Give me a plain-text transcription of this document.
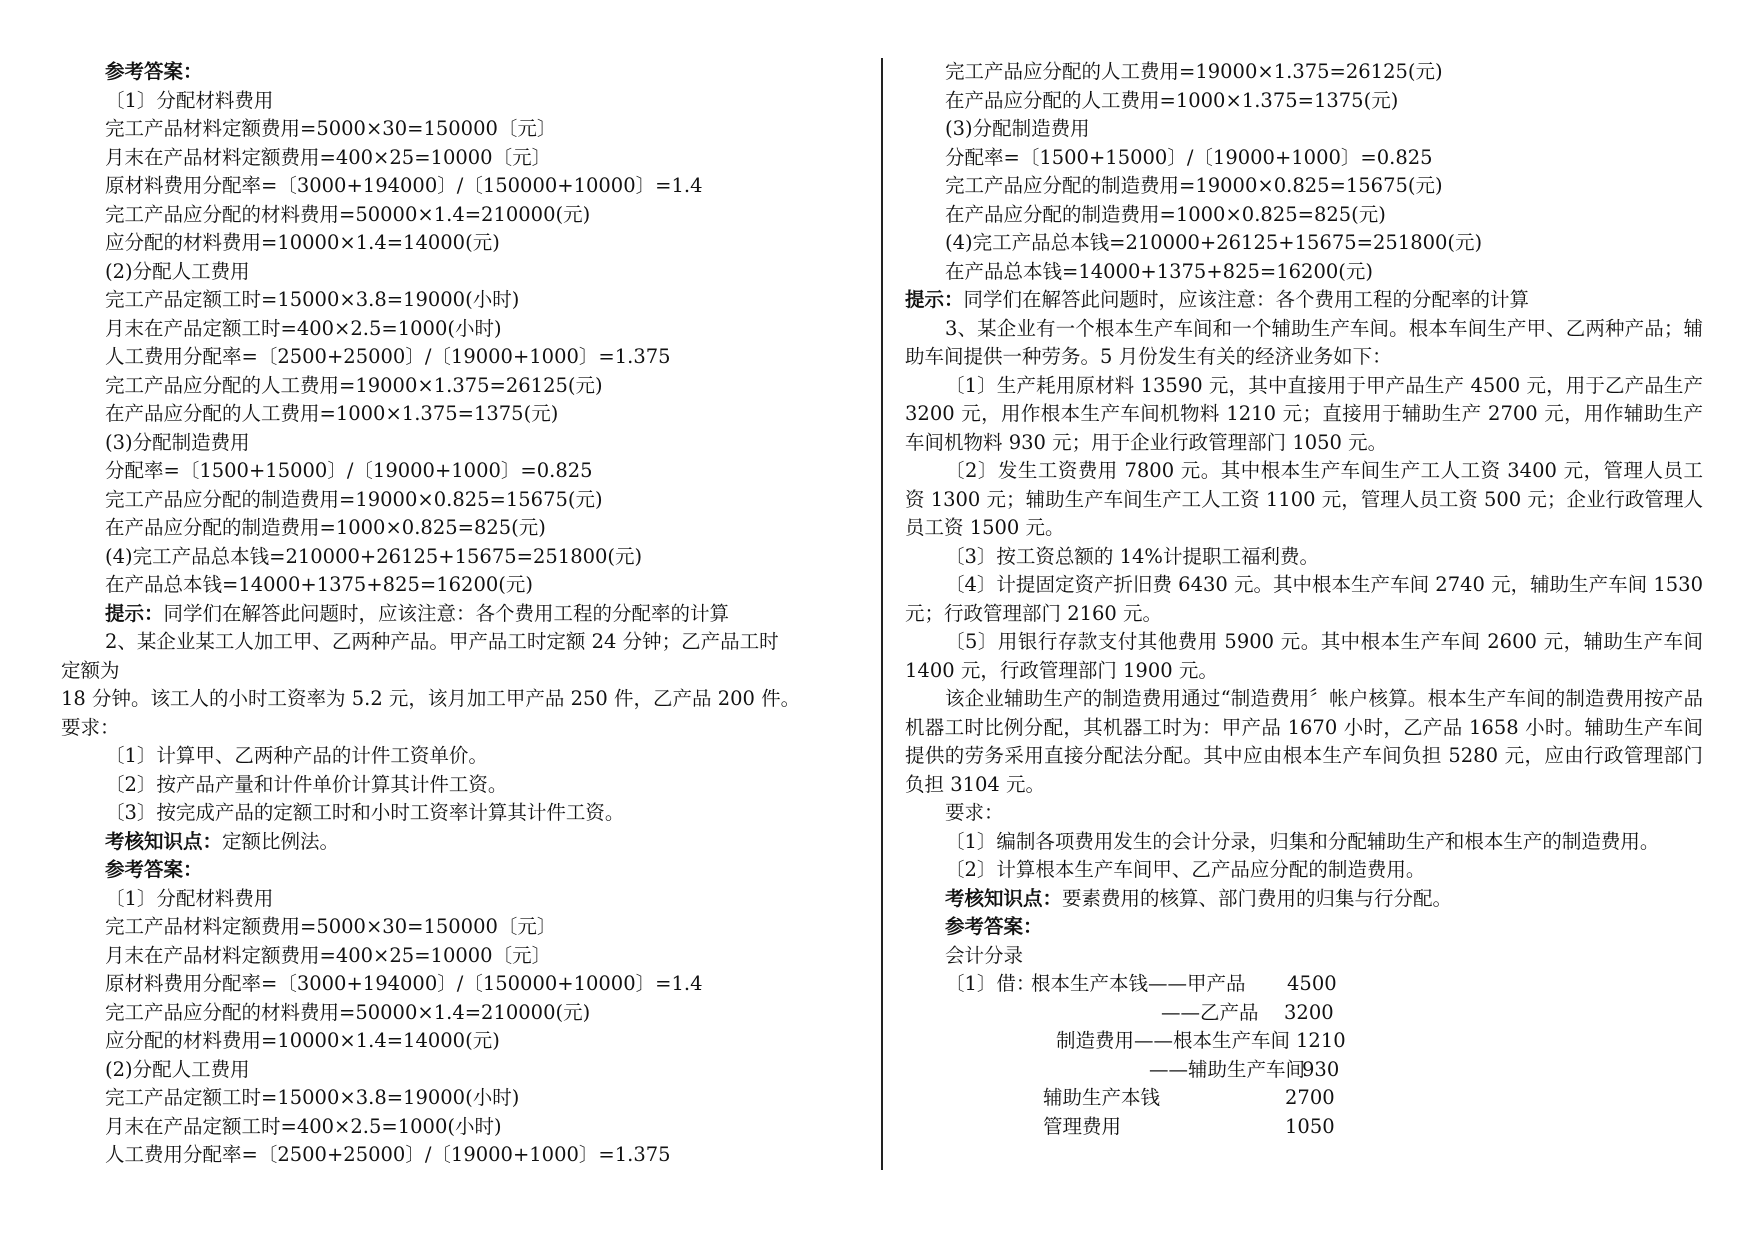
参考答案：
〔1〕分配材料费用
完工产品材料定额费用=5000×30=150000〔元〕
月末在产品材料定额费用=400×25=10000〔元〕
原材料费用分配率=〔3000+194000〕/〔150000+10000〕=1.4
完工产品应分配的材料费用=50000×1.4=210000(元)
应分配的材料费用=10000×1.4=14000(元)
(2)分配人工费用
完工产品定额工时=15000×3.8=19000(小时)
月末在产品定额工时=400×2.5=1000(小时)
人工费用分配率=〔2500+25000〕/〔19000+1000〕=1.375
完工产品应分配的人工费用=19000×1.375=26125(元)
在产品应分配的人工费用=1000×1.375=1375(元)
(3)分配制造费用
分配率=〔1500+15000〕/〔19000+1000〕=0.825
完工产品应分配的制造费用=19000×0.825=15675(元)
在产品应分配的制造费用=1000×0.825=825(元)
(4)完工产品总本钱=210000+26125+15675=251800(元)
在产品总本钱=14000+1375+825=16200(元)
提示：同学们在解答此问题时，应该注意：各个费用工程的分配率的计算
2、某企业某工人加工甲、乙两种产品。甲产品工时定额 24 分钟；乙产品工时
定额为
18 分钟。该工人的小时工资率为 5.2 元，该月加工甲产品 250 件，乙产品 200 件。
要求：
〔1〕计算甲、乙两种产品的计件工资单价。
〔2〕按产品产量和计件单价计算其计件工资。
〔3〕按完成产品的定额工时和小时工资率计算其计件工资。
考核知识点：定额比例法。
参考答案：
〔1〕分配材料费用
完工产品材料定额费用=5000×30=150000〔元〕
月末在产品材料定额费用=400×25=10000〔元〕
原材料费用分配率=〔3000+194000〕/〔150000+10000〕=1.4
完工产品应分配的材料费用=50000×1.4=210000(元)
应分配的材料费用=10000×1.4=14000(元)
(2)分配人工费用
完工产品定额工时=15000×3.8=19000(小时)
月末在产品定额工时=400×2.5=1000(小时)
人工费用分配率=〔2500+25000〕/〔19000+1000〕=1.375
完工产品应分配的人工费用=19000×1.375=26125(元)
在产品应分配的人工费用=1000×1.375=1375(元)
(3)分配制造费用
分配率=〔1500+15000〕/〔19000+1000〕=0.825
完工产品应分配的制造费用=19000×0.825=15675(元)
在产品应分配的制造费用=1000×0.825=825(元)
(4)完工产品总本钱=210000+26125+15675=251800(元)
在产品总本钱=14000+1375+825=16200(元)
提示：同学们在解答此问题时，应该注意：各个费用工程的分配率的计算
3、某企业有一个根本生产车间和一个辅助生产车间。根本车间生产甲、乙两种产品；辅助车间提供一种劳务。5 月份发生有关的经济业务如下：
〔1〕生产耗用原材料 13590 元，其中直接用于甲产品生产 4500 元，用于乙产品生产 3200 元，用作根本生产车间机物料 1210 元；直接用于辅助生产 2700 元，用作辅助生产车间机物料 930 元；用于企业行政管理部门 1050 元。
〔2〕发生工资费用 7800 元。其中根本生产车间生产工人工资 3400 元，管理人员工资 1300 元；辅助生产车间生产工人工资 1100 元，管理人员工资 500 元；企业行政管理人员工资 1500 元。
〔3〕按工资总额的 14%计提职工福利费。
〔4〕计提固定资产折旧费 6430 元。其中根本生产车间 2740 元，辅助生产车间 1530 元；行政管理部门 2160 元。
〔5〕用银行存款支付其他费用 5900 元。其中根本生产车间 2600 元，辅助生产车间 1400 元，行政管理部门 1900 元。
该企业辅助生产的制造费用通过“制造费用〞帐户核算。根本生产车间的制造费用按产品机器工时比例分配，其机器工时为：甲产品 1670 小时，乙产品 1658 小时。辅助生产车间提供的劳务采用直接分配法分配。其中应由根本生产车间负担 5280 元，应由行政管理部门负担 3104 元。
要求：
〔1〕编制各项费用发生的会计分录，归集和分配辅助生产和根本生产的制造费用。
〔2〕计算根本生产车间甲、乙产品应分配的制造费用。
考核知识点：要素费用的核算、部门费用的归集与行分配。
参考答案：
会计分录
〔1〕借：
根本生产本钱——甲产品 4500
——乙产品 3200
制造费用——根本生产车间 1210
——辅助生产车间
930
辅助生产本钱	2700
管理费用	1050
